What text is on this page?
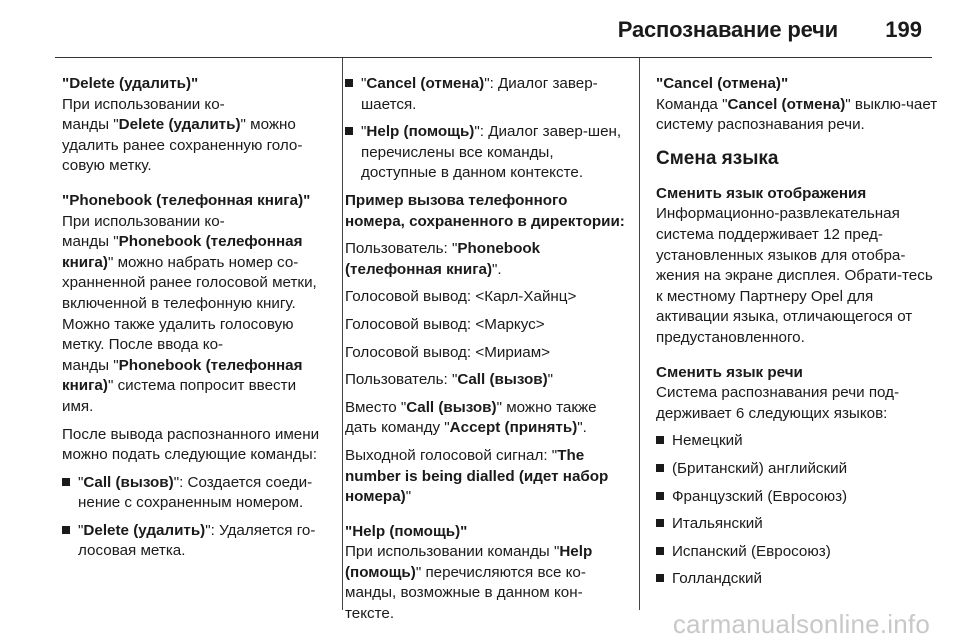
Распознавание речи 199

"Delete (удалить)"

При использовании ко-
манды "Delete (удалить)" можно удалить ранее сохраненную голо-совую метку.

"Phonebook (телефонная книга)"

При использовании ко-
манды "Phonebook (телефонная книга)" можно набрать номер со-хранненной ранее голосовой метки, включенной в телефонную книгу. Можно также удалить голосовую метку. После ввода ко-
манды "Phonebook (телефонная книга)" система попросит ввести имя.

После вывода распознанного имени можно подать следующие команды:

"Call (вызов)": Создается соеди-нение с сохраненным номером.
"Delete (удалить)": Удаляется го-лосовая метка.
"Cancel (отмена)": Диалог завер-шается.
"Help (помощь)": Диалог завер-шен, перечислены все команды, доступные в данном контексте.

Пример вызова телефонного номера, сохраненного в директории:

Пользователь: "Phonebook (телефонная книга)".

Голосовой вывод: <Карл-Хайнц>

Голосовой вывод: <Маркус>

Голосовой вывод: <Мириам>

Пользователь: "Call (вызов)"

Вместо "Call (вызов)" можно также дать команду "Accept (принять)".

Выходной голосовой сигнал: "The number is being dialled (идет набор номера)"

"Help (помощь)"

При использовании команды "Help (помощь)" перечисляются все ко-манды, возможные в данном кон-тексте.

"Cancel (отмена)"

Команда "Cancel (отмена)" выклю-чает систему распознавания речи.

Смена языка

Сменить язык отображения

Информационно-развлекательная система поддерживает 12 пред-установленных языков для отобра-жения на экране дисплея. Обрати-тесь к местному Партнеру Opel для активации языка, отличающегося от предустановленного.

Сменить язык речи

Система распознавания речи под-держивает 6 следующих языков:

Немецкий
(Британский) английский
Французский (Евросоюз)
Итальянский
Испанский (Евросоюз)
Голландский
carmanualsonline.info
